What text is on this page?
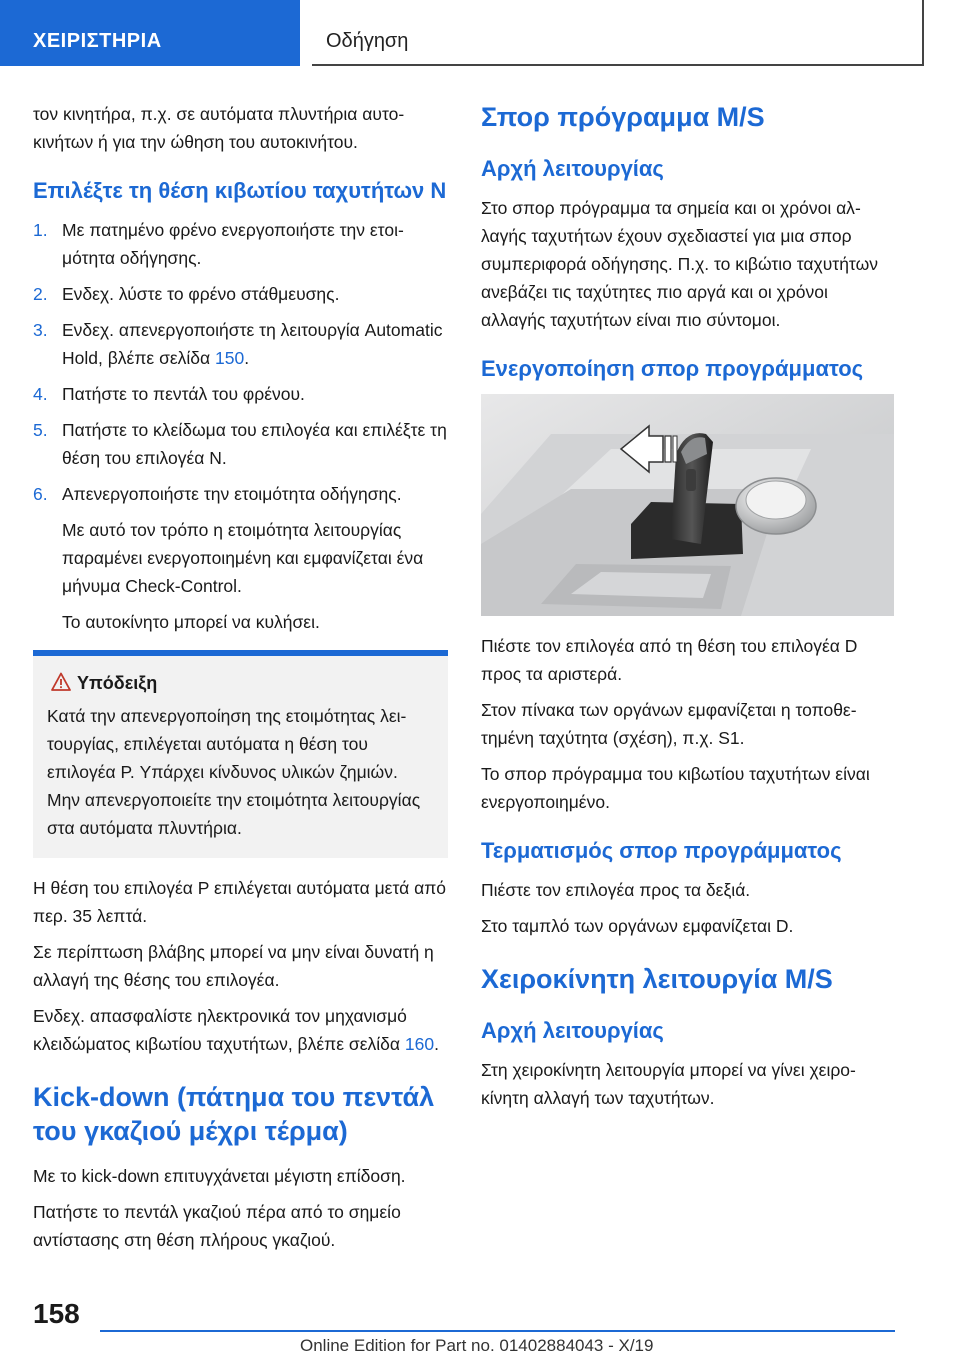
ΧΕΙΡΙΣΤΗΡΙΑ	Οδήγηση

τον κινητήρα, π.χ. σε αυτόματα πλυντήρια αυτοκινήτων ή για την ώθηση του αυτοκινήτου.

Επιλέξτε τη θέση κιβωτίου ταχυτήτων N
1. Με πατημένο φρένο ενεργοποιήστε την ετοιμότητα οδήγησης.
2. Ενδεχ. λύστε το φρένο στάθμευσης.
3. Ενδεχ. απενεργοποιήστε τη λειτουργία Automatic Hold, βλέπε σελίδα 150.
4. Πατήστε το πεντάλ του φρένου.
5. Πατήστε το κλείδωμα του επιλογέα και επιλέξτε τη θέση του επιλογέα N.
6. Απενεργοποιήστε την ετοιμότητα οδήγησης.

Με αυτό τον τρόπο η ετοιμότητα λειτουργίας παραμένει ενεργοποιημένη και εμφανίζεται ένα μήνυμα Check-Control.

Το αυτοκίνητο μπορεί να κυλήσει.

Υπόδειξη

Κατά την απενεργοποίηση της ετοιμότητας λειτουργίας, επιλέγεται αυτόματα η θέση του επιλογέα P. Υπάρχει κίνδυνος υλικών ζημιών. Μην απενεργοποιείτε την ετοιμότητα λειτουργίας στα αυτόματα πλυντήρια.

Η θέση του επιλογέα P επιλέγεται αυτόματα μετά από περ. 35 λεπτά.

Σε περίπτωση βλάβης μπορεί να μην είναι δυνατή η αλλαγή της θέσης του επιλογέα.

Ενδεχ. απασφαλίστε ηλεκτρονικά τον μηχανισμό κλειδώματος κιβωτίου ταχυτήτων, βλέπε σελίδα 160.

Kick-down (πάτημα του πεντάλ του γκαζιού μέχρι τέρμα)

Με το kick-down επιτυγχάνεται μέγιστη επίδοση.

Πατήστε το πεντάλ γκαζιού πέρα από το σημείο αντίστασης στη θέση πλήρους γκαζιού.

Σπορ πρόγραμμα M/S
Αρχή λειτουργίας

Στο σπορ πρόγραμμα τα σημεία και οι χρόνοι αλλαγής ταχυτήτων έχουν σχεδιαστεί για μια σπορ συμπεριφορά οδήγησης. Π.χ. το κιβώτιο ταχυτήτων ανεβάζει τις ταχύτητες πιο αργά και οι χρόνοι αλλαγής ταχυτήτων είναι πιο σύντομοι.

Ενεργοποίηση σπορ προγράμματος

Πιέστε τον επιλογέα από τη θέση του επιλογέα D προς τα αριστερά.

Στον πίνακα των οργάνων εμφανίζεται η τοποθετημένη ταχύτητα (σχέση), π.χ. S1.

Το σπορ πρόγραμμα του κιβωτίου ταχυτήτων είναι ενεργοποιημένο.

Τερματισμός σπορ προγράμματος

Πιέστε τον επιλογέα προς τα δεξιά.

Στο ταμπλό των οργάνων εμφανίζεται D.

Χειροκίνητη λειτουργία M/S
Αρχή λειτουργίας

Στη χειροκίνητη λειτουργία μπορεί να γίνει χειροκίνητη αλλαγή των ταχυτήτων.

158
Online Edition for Part no. 01402884043 - X/19
